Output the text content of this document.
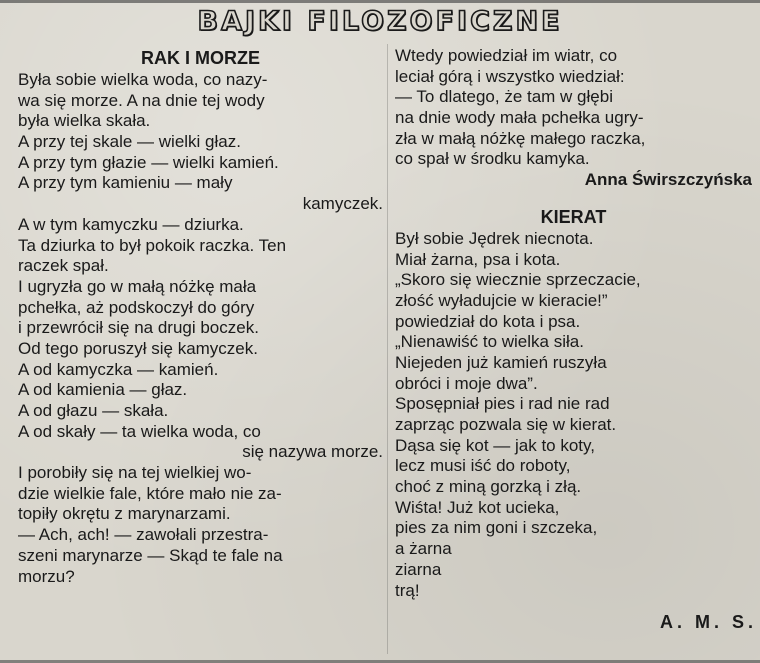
BAJKI FILOZOFICZNE
RAK I MORZE
Była sobie wielka woda, co nazy-
wa się morze. A na dnie tej wody
była wielka skała.
A przy tej skale — wielki głaz.
A przy tym głazie — wielki kamień.
A przy tym kamieniu — mały
kamyczek.
A w tym kamyczku — dziurka.
Ta dziurka to był pokoik raczka. Ten
raczek spał.
I ugryzła go w małą nóżkę mała
pchełka, aż podskoczył do góry
i przewrócił się na drugi boczek.
Od tego poruszył się kamyczek.
A od kamyczka — kamień.
A od kamienia — głaz.
A od głazu — skała.
A od skały — ta wielka woda, co
się nazywa morze.
I porobiły się na tej wielkiej wo-
dzie wielkie fale, które mało nie za-
topiły okrętu z marynarzami.
— Ach, ach! — zawołali przestra-
szeni marynarze — Skąd te fale na
morzu?
Wtedy powiedział im wiatr, co
leciał górą i wszystko wiedział:
— To dlatego, że tam w głębi
na dnie wody mała pchełka ugry-
zła w małą nóżkę małego raczka,
co spał w środku kamyka.
Anna Świrszczyńska
KIERAT
Był sobie Jędrek niecnota.
Miał żarna, psa i kota.
„Skoro się wiecznie sprzeczacie,
złość wyładujcie w kieracie!”
powiedział do kota i psa.
„Nienawiść to wielka siła.
Niejeden już kamień ruszyła
obróci i moje dwa”.
Sposępniał pies i rad nie rad
zaprząc pozwala się w kierat.
Dąsa się kot — jak to koty,
lecz musi iść do roboty,
choć z miną gorzką i złą.
Wiśta! Już kot ucieka,
pies za nim goni i szczeka,
a żarna
ziarna
trą!
A. M. S.
